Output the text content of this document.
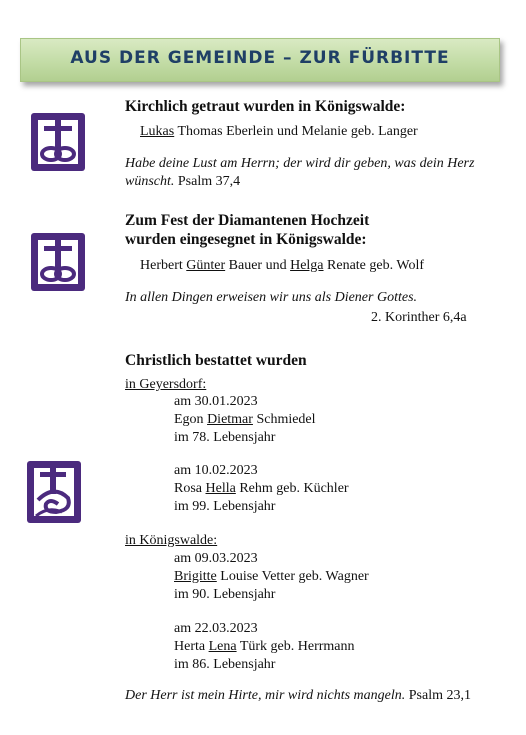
AUS DER GEMEINDE – ZUR FÜRBITTE
Kirchlich getraut wurden in Königswalde:
Lukas Thomas Eberlein und Melanie geb. Langer
Habe deine Lust am Herrn; der wird dir geben, was dein Herz
wünscht. Psalm 37,4
Zum Fest der Diamantenen Hochzeit
wurden eingesegnet in Königswalde:
Herbert Günter Bauer und Helga Renate geb. Wolf
In allen Dingen erweisen wir uns als Diener Gottes.
2. Korinther 6,4a
Christlich bestattet wurden
in Geyersdorf:
am 30.01.2023
Egon Dietmar Schmiedel
im 78. Lebensjahr
am 10.02.2023
Rosa Hella Rehm geb. Küchler
im 99. Lebensjahr
in Königswalde:
am 09.03.2023
Brigitte Louise Vetter geb. Wagner
im 90. Lebensjahr
am 22.03.2023
Herta Lena Türk geb. Herrmann
im 86. Lebensjahr
Der Herr ist mein Hirte, mir wird nichts mangeln. Psalm 23,1
